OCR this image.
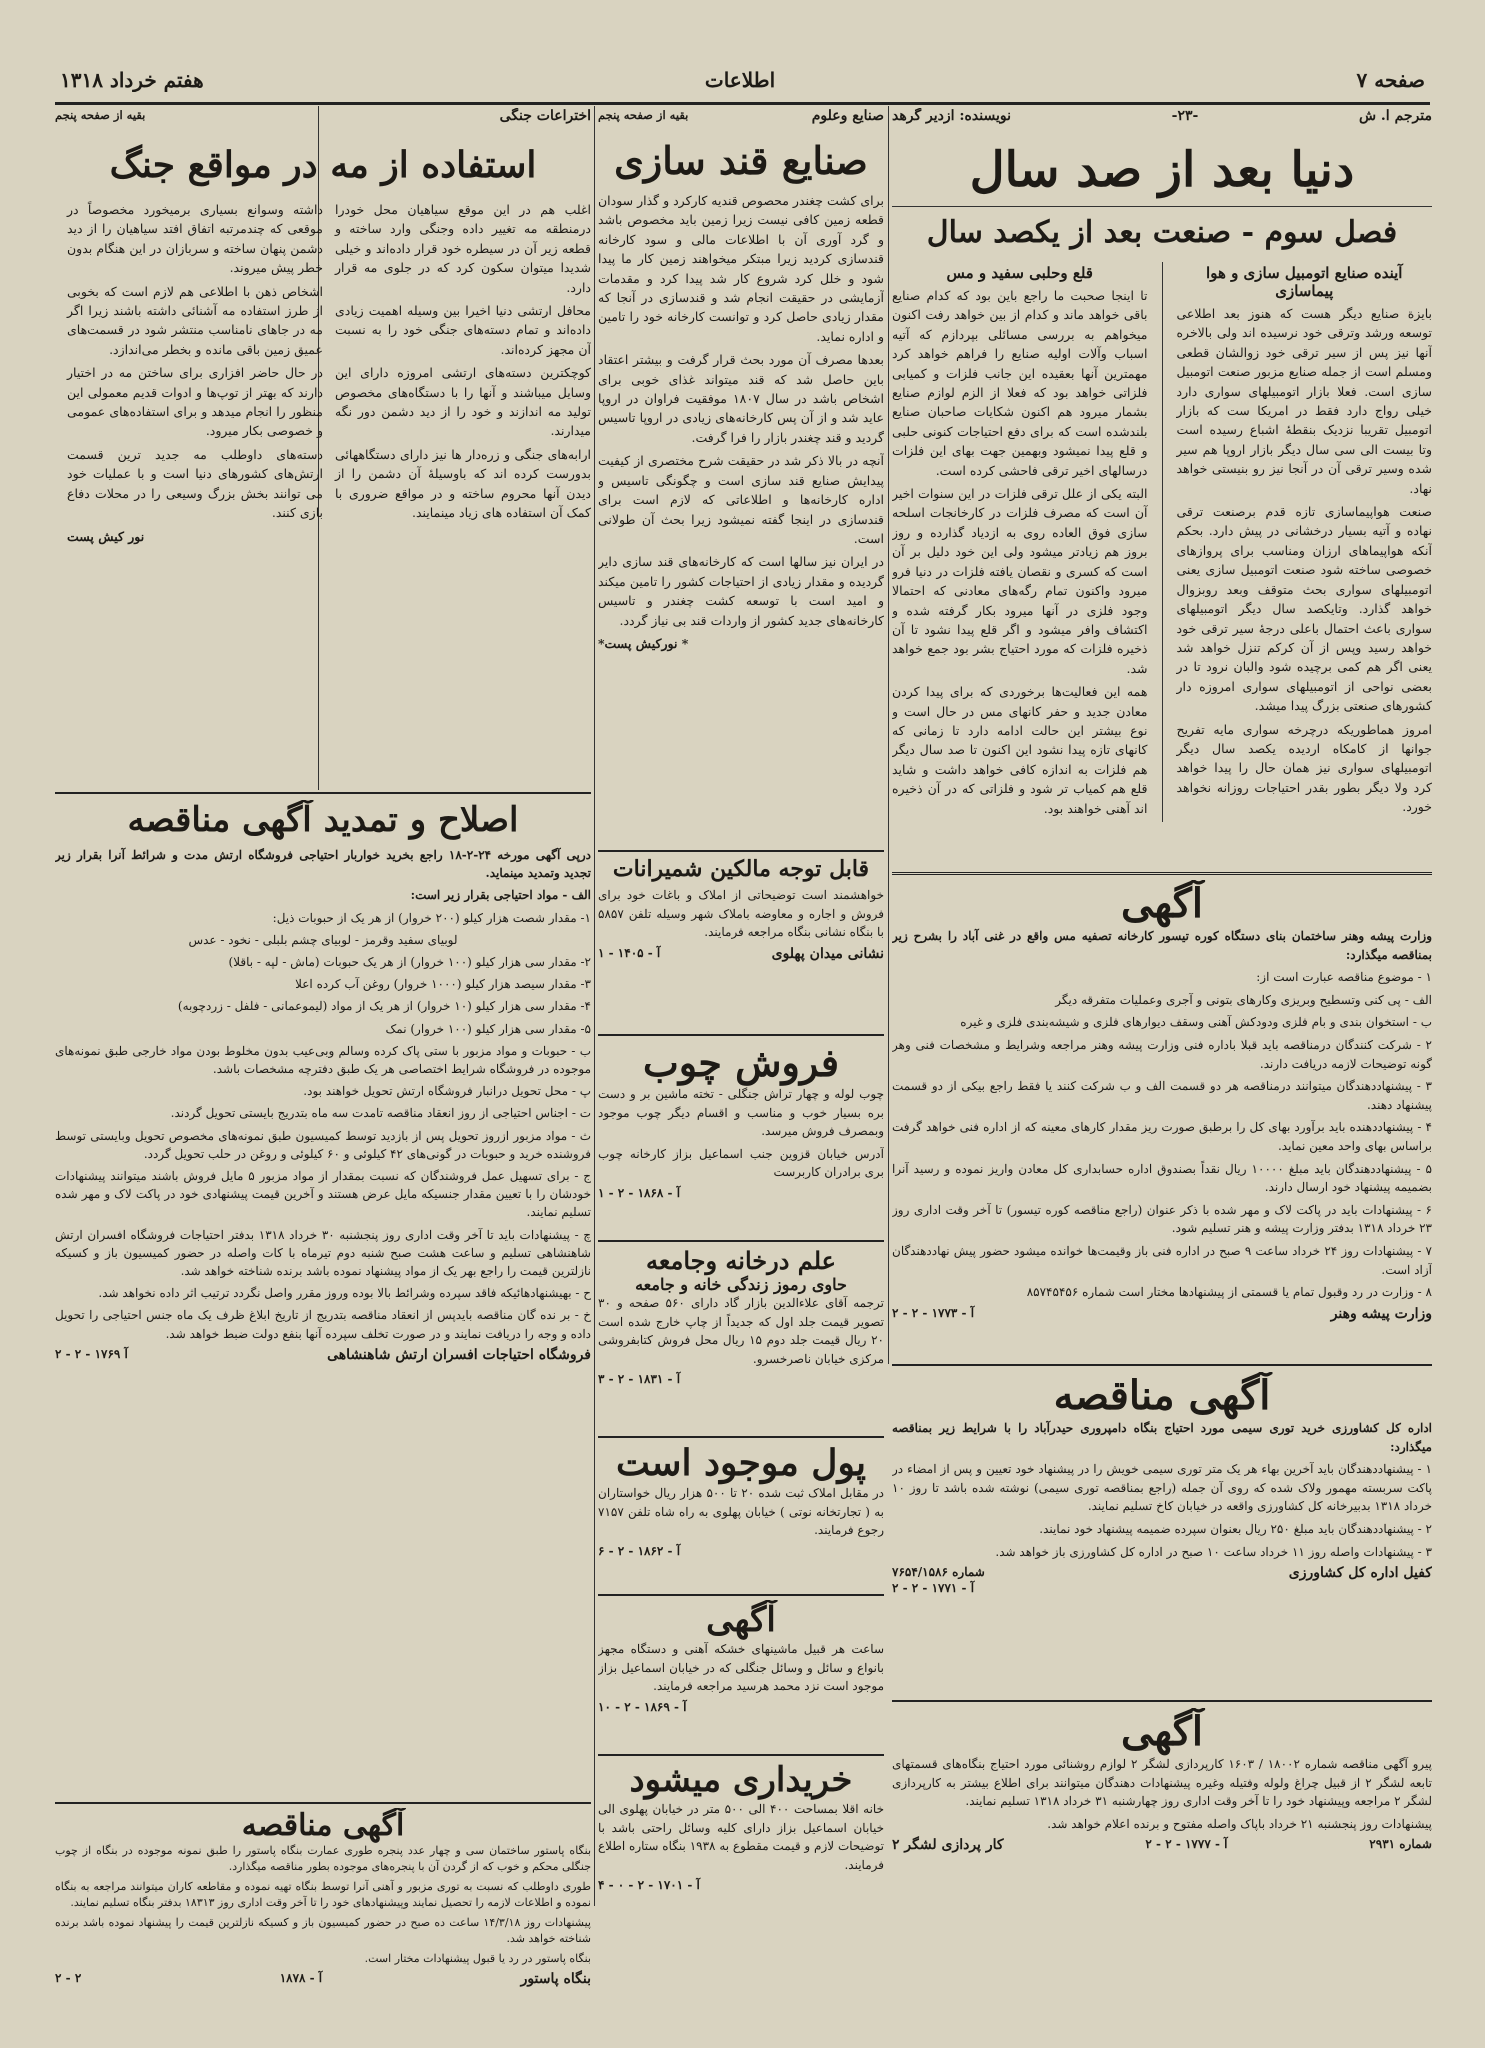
صفحه ۷
اطلاعات
هفتم خرداد ۱۳۱۸
مترجم ا. ش
-۲۳-
نویسنده: ازدیر گرهد
دنیا بعد از صد سال
فصل سوم - صنعت بعد از یکصد سال
آینده صنایع اتومبیل سازی و هوا پیماسازی

بایزة صنایع دیگر هست که هنوز بعد اطلاعی توسعه ورشد وترقی خود نرسیده اند ولی بالاخره آنها نیز پس از سیر ترقی خود زوالشان قطعی ومسلم است از جمله صنایع مزبور صنعت اتومبیل سازی است. فعلا بازار اتومبیلهای سواری دارد خیلی رواج دارد فقط در امریکا ست که بازار اتومبیل تقریبا نزدیک بنقطهٔ اشباع رسیده است وتا بیست الی سی سال دیگر بازار اروپا هم سیر شده وسیر ترقی آن در آنجا نیز رو بنیستی خواهد نهاد.

صنعت هواپیماسازی تازه قدم برصنعت ترقی نهاده و آتیه بسیار درخشانی در پیش دارد. بحکم آنکه هواپیماهای ارزان ومناسب برای پروازهای خصوصی ساخته شود صنعت اتومبیل سازی یعنی اتومبیلهای سواری بحث متوقف وبعد روبزوال خواهد گذارد. وتایکصد سال دیگر اتومبیلهای سواری باعث احتمال باعلی درجهٔ سیر ترقی خود خواهد رسید وپس از آن کرکم تنزل خواهد شد یعنی اگر هم کمی برچیده شود والبان نرود تا در بعضی نواحی از اتومبیلهای سواری امروزه دار کشورهای صنعتی بزرگ پیدا میشد.

امروز هماطوریکه درچرخه سواری مایه تفریح جوانها از کامکاه اردیده یکصد سال دیگر اتومبیلهای سواری نیز همان حال را پیدا خواهد کرد ولا دیگر بطور بقدر احتیاجات روزانه نخواهد خورد.

قلع وحلبی سفید و مس

تا اینجا صحبت ما راجع باین بود که کدام صنایع باقی خواهد ماند و کدام از بین خواهد رفت اکنون میخواهم به بررسی مسائلی بپردازم که آتیه اسباب وآلات اولیه صنایع را فراهم خواهد کرد مهمترین آنها بعقیده این جانب فلزات و کمیابی فلزاتی خواهد بود که فعلا از الزم لوازم صنایع بشمار میرود هم اکنون شکایات صاحبان صنایع بلندشده است که برای دفع احتیاجات کنونی حلبی و قلع پیدا نمیشود وبهمین جهت بهای این فلزات درسالهای اخیر ترقی فاحشی کرده است.

البته یکی از علل ترقی فلزات در این سنوات اخیر آن است که مصرف فلزات در کارخانجات اسلحه سازی فوق العاده روی به ازدیاد گذارده و روز بروز هم زیادتر میشود ولی این خود دلیل بر آن است که کسری و نقصان یافته فلزات در دنیا فرو میرود واکنون تمام رگه‌های معادنی که احتمالا وجود فلزی در آنها میرود بکار گرفته شده و اکتشاف وافر میشود و اگر قلع پیدا نشود تا آن ذخیره فلزات که مورد احتیاج بشر بود جمع خواهد شد.

همه این فعالیت‌ها برخوردی که برای پیدا کردن معادن جدید و حفر کانهای مس در حال است و نوع بیشتر این حالت ادامه دارد تا زمانی که کانهای تازه پیدا نشود این اکنون تا صد سال دیگر هم فلزات به اندازه کافی خواهد داشت و شاید قلع هم کمیاب تر شود و فلزاتی که در آن ذخیره اند آهنی خواهند بود.

آگهی

وزارت پیشه وهنر ساختمان بنای دستگاه کوره تیسور کارخانه تصفیه مس واقع در غنی آباد را بشرح زیر بمناقصه میگذارد:

۱ - موضوع مناقصه عبارت است از:

الف - پی کنی وتسطیح وبریزی وکارهای بتونی و آجری وعملیات متفرقه دیگر

ب - استخوان بندی و بام فلزی ودودکش آهنی وسقف دیوارهای فلزی و شیشه‌بندی فلزی و غیره

۲ - شرکت کنندگان درمناقصه باید قبلا باداره فنی وزارت پیشه وهنر مراجعه وشرایط و مشخصات فنی وهر گونه توضیحات لازمه دریافت دارند.

۳ - پیشنهاددهندگان میتوانند درمناقصه هر دو قسمت الف و ب شرکت کنند یا فقط راجع بیکی از دو قسمت پیشنهاد دهند.

۴ - پیشنهاددهنده باید برآورد بهای کل را برطبق صورت ریز مقدار کار‌های معینه که از اداره فنی خواهد گرفت براساس بهای واحد معین نماید.

۵ - پیشنهاددهندگان باید مبلغ ۱۰۰۰۰ ریال نقداً بصندوق اداره حسابداری کل معادن واریز نموده و رسید آنرا بضمیمه پیشنهاد خود ارسال دارند.

۶ - پیشنهادات باید در پاکت لاک و مهر شده با ذکر عنوان (راجع مناقصه کوره تیسور) تا آخر وقت اداری روز ۲۳ خرداد ۱۳۱۸ بدفتر وزارت پیشه و هنر تسلیم شود.

۷ - پیشنهادات روز ۲۴ خرداد ساعت ۹ صبح در اداره فنی باز وقیمت‌ها خوانده میشود حضور پیش نهاددهندگان آزاد است.

۸ - وزارت در رد وقبول تمام یا قسمتی از پیشنهادها مختار است شماره ۸۵۷۴۵۴۵۶

وزارت پیشه وهنر
آ - ۱۷۷۳ - ۲ - ۲
آگهی مناقصه

اداره کل کشاورزی خرید توری سیمی مورد احتیاج بنگاه دامپروری حیدرآباد را با شرایط زیر بمناقصه میگذارد:

۱ - پیشنهاددهندگان باید آخرین بهاء هر یک متر توری سیمی خویش را در پیشنهاد خود تعیین و پس از امضاء در پاکت سربسته مهمور ولاک شده که روی آن جمله (راجع بمناقصه توری سیمی) نوشته شده باشد تا روز ۱۰ خرداد ۱۳۱۸ بدبیرخانه کل کشاورزی واقعه در خیابان کاخ تسلیم نمایند.

۲ - پیشنهاددهندگان باید مبلغ ۲۵۰ ریال بعنوان سپرده ضمیمه پیشنهاد خود نمایند.

۳ - پیشنهادات واصله روز ۱۱ خرداد ساعت ۱۰ صبح در اداره کل کشاورزی باز خواهد شد.

کفیل اداره کل کشاورزی
شماره ۷۶۵۴/۱۵۸۶
آ - ۱۷۷۱ - ۲ - ۲
آگهی

پیرو آگهی مناقصه شماره ۱۸۰۰۲ / ۱۶۰۳ کارپردازی لشگر ۲ لوازم روشنائی مورد احتیاج بنگاه‌های قسمتهای تابعه لشگر ۲ از قبیل چراغ ولوله وفتیله وغیره پیشنهادات دهندگان میتوانند برای اطلاع بیشتر به کارپردازی لشگر ۲ مراجعه وپیشنهاد خود را تا آخر وقت اداری روز چهارشنبه ۳۱ خرداد ۱۳۱۸ تسلیم نمایند.

پیشنهادات روز پنجشنبه ۲۱ خرداد باپاک واصله مفتوح و برنده اعلام خواهد شد.

شماره ۲۹۳۱
آ - ۱۷۷۷ - ۲ - ۲
کار پردازی لشگر ۲
صنایع وعلوم
بقیه از صفحه پنجم
صنایع قند سازی

برای کشت چغندر محصوص قندیه کارکرد و گذار سودان قطعه زمین کافی نیست زیرا زمین باید مخصوص باشد و گرد آوری آن با اطلاعات مالی و سود کارخانه قندسازی کردید زیرا مبتکر میخواهند زمین کار ما پیدا شود و خلل کرد شروع کار شد پیدا کرد و مقدمات آزمایشی در حقیقت انجام شد و قندسازی در آنجا که مقدار زیادی حاصل کرد و توانست کارخانه خود را تامین و اداره نماید.

بعدها مصرف آن مورد بحث قرار گرفت و بیشتر اعتقاد باین حاصل شد که قند میتواند غذای خوبی برای اشخاص باشد در سال ۱۸۰۷ موفقیت فراوان در اروپا عاید شد و از آن پس کارخانه‌های زیادی در اروپا تاسیس گردید و قند چغندر بازار را فرا گرفت.

آنچه در بالا ذکر شد در حقیقت شرح مختصری از کیفیت پیدایش صنایع قند سازی است و چگونگی تاسیس و اداره کارخانه‌ها و اطلاعاتی که لازم است برای قندسازی در اینجا گفته نمیشود زیرا بحث آن طولانی است.

در ایران نیز سالها است که کارخانه‌های قند سازی دایر گردیده و مقدار زیادی از احتیاجات کشور را تامین میکند و امید است با توسعه کشت چغندر و تاسیس کارخانه‌های جدید کشور از واردات قند بی نیاز گردد.

* نورکیش پست*

قابل توجه مالکین شمیرانات

خواهشمند است توضیحاتی از املاک و باغات خود برای فروش و اجاره و معاوضه باملاک شهر وسیله تلفن ۵۸۵۷ با بنگاه نشانی بنگاه مراجعه فرمایند.

نشانی میدان پهلوی
آ - ۱۴۰۵ - ۱
فروش چوب

چوب لوله و چهار تراش جنگلی - تخته ماشین بر و دست بره بسیار خوب و مناسب و اقسام دیگر چوب موجود وبمصرف فروش میرسد.

آدرس خیابان قزوین جنب اسماعیل بزاز کارخانه چوب بری برادران کاربرست

آ - ۱۸۶۸ - ۲ - ۱
علم درخانه وجامعه
حاوی رموز زندگی خانه و جامعه

ترجمه آقای علاءالدین بازار گاد دارای ۵۶۰ صفحه و ۳۰ تصویر قیمت جلد اول که جدیداً از چاپ خارج شده است ۲۰ ریال قیمت جلد دوم ۱۵ ریال محل فروش کتابفروشی مرکزی خیابان ناصرخسرو.

آ - ۱۸۳۱ - ۲ - ۳
پول موجود است

در مقابل املاک ثبت شده ۲۰ تا ۵۰۰ هزار ریال خواستاران به ( تجارتخانه نوتی ) خیابان پهلوی به راه شاه تلفن ۷۱۵۷ رجوع فرمایند.

آ - ۱۸۶۲ - ۲ - ۶
آگهی

ساعت هر قبیل ماشینهای خشکه آهنی و دستگاه مجهز بانواع و سائل و وسائل جنگلی که در خیابان اسماعیل بزاز موجود است نزد محمد هرسید مراجعه فرمایند.

آ - ۱۸۶۹ - ۲ - ۱۰
خریداری میشود

خانه اقلا بمساحت ۴۰۰ الی ۵۰۰ متر در خیابان پهلوی الی خیابان اسماعیل بزاز دارای کلیه وسائل راحتی باشد با توضیحات لازم و قیمت مقطوع به ۱۹۳۸ بنگاه ستاره اطلاع فرمایند.

آ - ۱۷۰۱ - ۲ - ۰ - ۴
اختراعات جنگی
بقیه از صفحه پنجم
استفاده از مه در مواقع جنگ

اغلب هم در این موقع سیاهیان محل خودرا درمنطقه مه تغییر داده وجنگی وارد ساخته و قطعه زیر آن در سیطره خود قرار داده‌اند و خیلی شدیدا میتوان سکون کرد که در جلوی مه قرار دارد.

محافل ارتشی دنیا اخیرا بین وسیله اهمیت زیادی داده‌اند و تمام دسته‌های جنگی خود را به نسبت آن مجهز کرده‌اند.

کوچکترین دسته‌های ارتشی امروزه دارای این وسایل میباشند و آنها را با دستگاه‌های مخصوص تولید مه اندازند و خود را از دید دشمن دور نگه میدارند.

ارابه‌های جنگی و زره‌دار ها نیز دارای دستگاههائی بدورست کرده اند که باوسیلهٔ آن دشمن را از دیدن آنها محروم ساخته و در مواقع ضروری با کمک آن استفاده های زیاد مینمایند.

داشته وسوانع بسیاری برمیخورد مخصوصاً در موقعی که چندمرتبه اتفاق افتد سیاهیان را از دید دشمن پنهان ساخته و سربازان در این هنگام بدون خطر پیش میروند.

اشخاص ذهن با اطلاعی هم لازم است که بخوبی از طرز استفاده مه آشنائی داشته باشند زیرا اگر مه در جاهای نامناسب منتشر شود در قسمت‌های عمیق زمین باقی مانده و بخطر می‌اندازد.

در حال حاضر افزاری برای ساختن مه در اختیار دارند که بهتر از توپ‌ها و ادوات قدیم معمولی این منظور را انجام میدهد و برای استفاده‌های عمومی و خصوصی بکار میرود.

دسته‌های داوطلب مه جدید ترین قسمت ارتش‌های کشورهای دنیا است و با عملیات خود می توانند بخش بزرگ وسیعی را در محلات دفاع بازی کنند.

نور کیش پست

اصلاح و تمدید آگهی مناقصه

درپی آگهی مورخه ۲۴-۲-۱۸ راجع بخرید خواربار احتیاجی فروشگاه ارتش مدت و شرائط آنرا بقرار زیر تجدید وتمدید مینماید.

الف - مواد احتیاجی بقرار زیر است:

۱- مقدار شصت هزار کیلو (۲۰۰ خروار) از هر یک از حبوبات ذیل:

لوبیای سفید وقرمز - لوبیای چشم بلبلی - نخود - عدس

۲- مقدار سی هزار کیلو (۱۰۰ خروار) از هر یک حبوبات (ماش - لپه - باقلا)

۳- مقدار سیصد هزار کیلو (۱۰۰۰ خروار) روغن آب کرده اعلا

۴- مقدار سی هزار کیلو (۱۰ خروار) از هر یک از مواد (لیموعمانی - فلفل - زردچوبه)

۵- مقدار سی هزار کیلو (۱۰۰ خروار) نمک

ب - حبوبات و مواد مزبور با ستی پاک کرده وسالم وبی‌عیب بدون مخلوط بودن مواد خارجی طبق نمونه‌های موجوده در فروشگاه شرایط اختصاصی هر یک طبق دفترچه مشخصات باشد.

پ - محل تحویل درانبار فروشگاه ارتش تحویل خواهند بود.

ت - اجناس احتیاجی از روز انعقاد مناقصه تامدت سه ماه بتدریج بایستی تحویل گردند.

ث - مواد مزبور ازروز تحویل پس از بازدید توسط کمیسیون طبق نمونه‌های مخصوص تحویل وبایستی توسط فروشنده خرید و حبوبات در گونی‌های ۴۲ کیلوئی و ۶۰ کیلوئی و روغن در حلب تحویل گردد.

ج - برای تسهیل عمل فروشندگان که نسبت بمقدار از مواد مزبور ۵ مایل فروش باشند میتوانند پیشنهادات خودشان را با تعیین مقدار جنسیکه مایل عرض هستند و آخرین قیمت پیشنهادی خود در پاکت لاک و مهر شده تسلیم نمایند.

چ - پیشنهادات باید تا آخر وقت اداری روز پنجشنبه ۳۰ خرداد ۱۳۱۸ بدفتر احتیاجات فروشگاه افسران ارتش شاهنشاهی تسلیم و ساعت هشت صبح شنبه دوم تیرماه با کات واصله در حضور کمیسیون باز و کسیکه نازلترین قیمت را راجع بهر یک از مواد پیشنهاد نموده باشد برنده شناخته خواهد شد.

ح - بهیشنهادهائیکه فاقد سپرده وشرائط بالا بوده وروز مقرر واصل نگردد ترتیب اثر داده نخواهد شد.

خ - بر نده گان مناقصه بایدپس از انعقاد مناقصه بتدریج از تاریخ ابلاغ ظرف یک ماه جنس احتیاجی را تحویل داده و وجه را دریافت نمایند و در صورت تخلف سپرده آنها بنفع دولت ضبط خواهد شد.

فروشگاه احتیاجات افسران ارتش شاهنشاهی
آ ۱۷۶۹ - ۲ - ۲
آگهی مناقصه

بنگاه پاستور ساختمان سی و چهار عدد پنجره طوری عمارت بنگاه پاستور را طبق نمونه موجوده در بنگاه از چوب جنگلی محکم و خوب که از گردن آن با پنجره‌های موجوده بطور مناقصه میگذارد.

طوری داوطلب که نسبت به توری مزبور و آهنی آنرا توسط بنگاه تهیه نموده و مقاطعه کاران میتوانند مراجعه به بنگاه نموده و اطلاعات لازمه را تحصیل نمایند وپیشنهادهای خود را تا آخر وقت اداری روز ۱۸۳۱۳ بدفتر بنگاه تسلیم نمایند.

پیشنهادات روز ۱۴/۳/۱۸ ساعت ده صبح در حضور کمیسیون باز و کسیکه نازلترین قیمت را پیشنهاد نموده باشد برنده شناخته خواهد شد.

بنگاه پاستور در رد یا قبول پیشنهادات مختار است.

بنگاه پاستور
آ - ۱۸۷۸
۲ - ۲
